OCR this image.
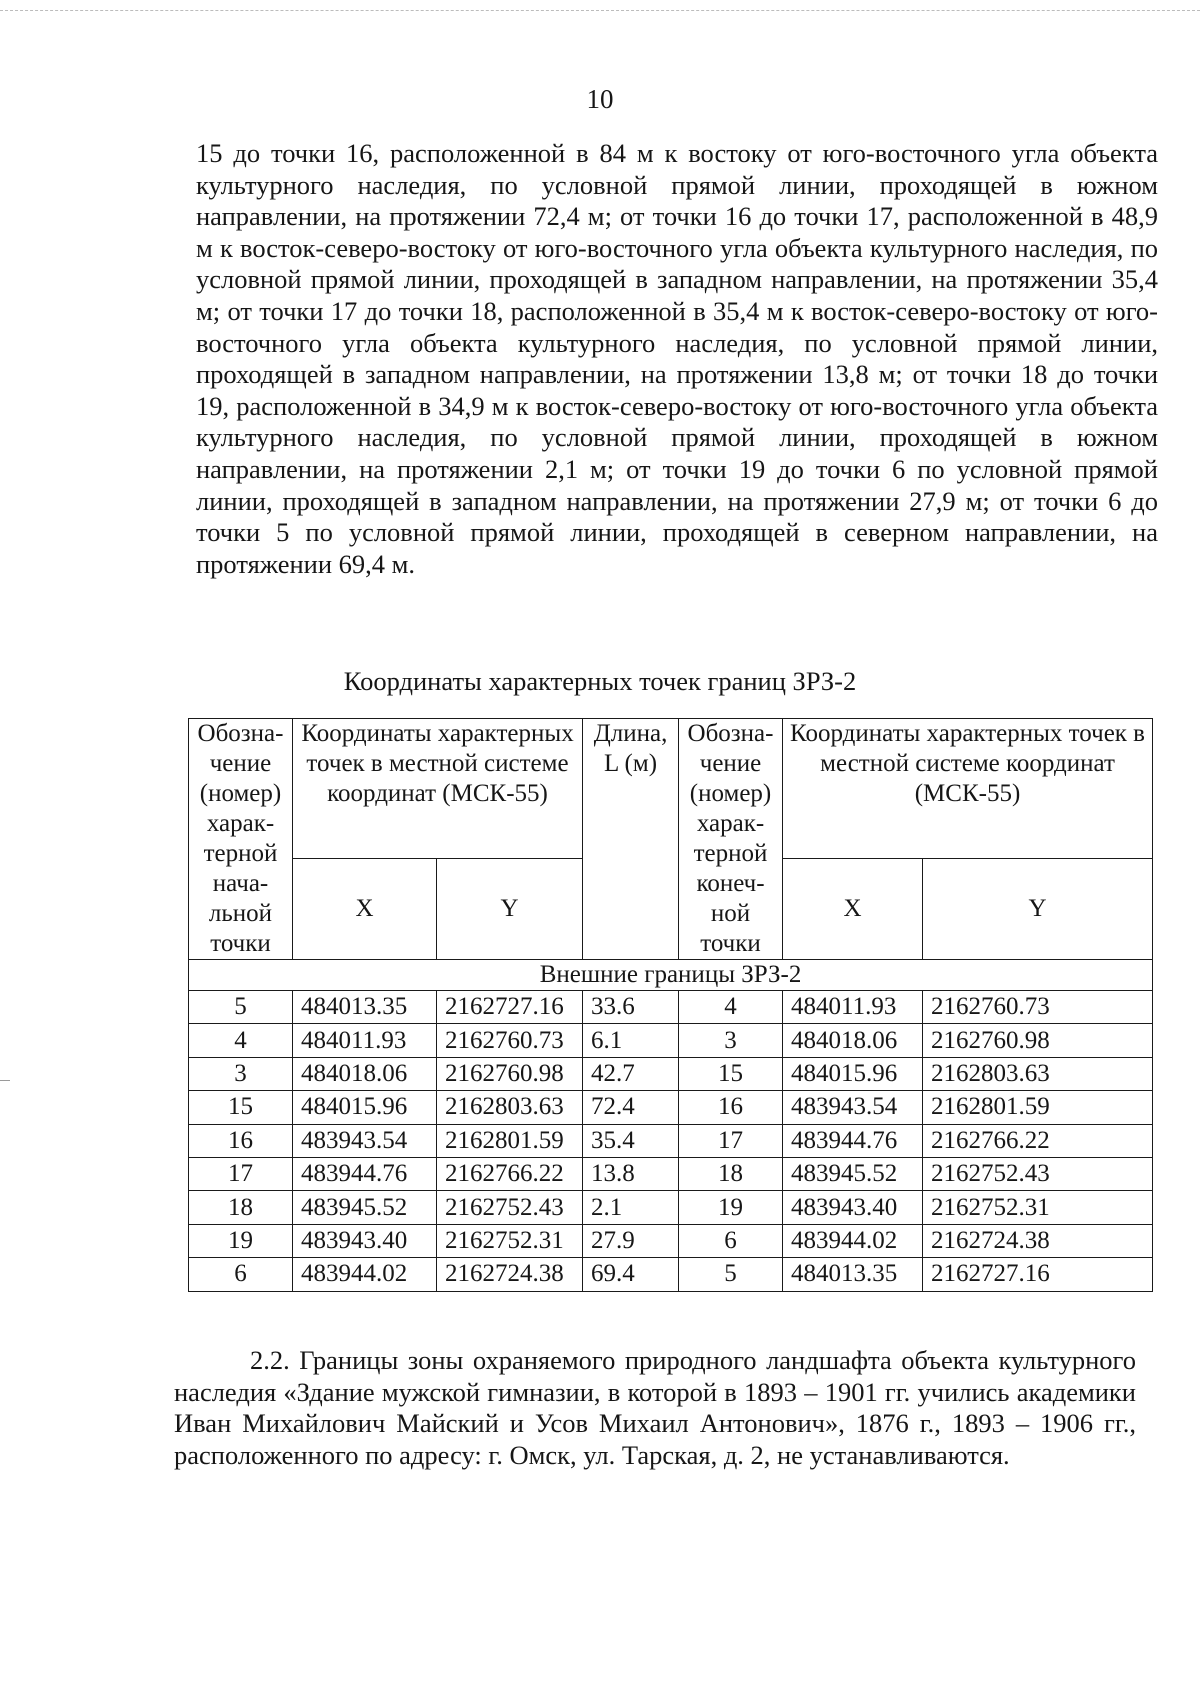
10

15 до точки 16, расположенной в 84 м к востоку от юго-восточного угла объекта культурного наследия, по условной прямой линии, проходящей в южном направлении, на протяжении 72,4 м; от точки 16 до точки 17, расположенной в 48,9 м к восток-северо-востоку от юго-восточного угла объекта культурного наследия, по условной прямой линии, проходящей в западном направлении, на протяжении 35,4 м; от точки 17 до точки 18, расположенной в 35,4 м к восток-северо-востоку от юго-восточного угла объекта культурного наследия, по условной прямой линии, проходящей в западном направлении, на протяжении 13,8 м; от точки 18 до точки 19, расположенной в 34,9 м к восток-северо-востоку от юго-восточного угла объекта культурного наследия, по условной прямой линии, проходящей в южном направлении, на протяжении 2,1 м; от точки 19 до точки 6 по условной прямой линии, проходящей в западном направлении, на протяжении 27,9 м; от точки 6 до точки 5 по условной прямой линии, проходящей в северном направлении, на протяжении 69,4 м.

Координаты характерных точек границ ЗРЗ-2
Обозна-чение (номер) харак-терной нача-льной точки	Координаты характерных точек в местной системе координат (МСК-55)		Длина, L (м)	Обозна-чение (номер) харак-терной конеч-ной точки	Координаты характерных точек в местной системе координат (МСК-55)	
	X	Y			X	Y
Внешние границы ЗРЗ-2						
5	484013.35	2162727.16	33.6	4	484011.93	2162760.73
4	484011.93	2162760.73	6.1	3	484018.06	2162760.98
3	484018.06	2162760.98	42.7	15	484015.96	2162803.63
15	484015.96	2162803.63	72.4	16	483943.54	2162801.59
16	483943.54	2162801.59	35.4	17	483944.76	2162766.22
17	483944.76	2162766.22	13.8	18	483945.52	2162752.43
18	483945.52	2162752.43	2.1	19	483943.40	2162752.31
19	483943.40	2162752.31	27.9	6	483944.02	2162724.38
6	483944.02	2162724.38	69.4	5	484013.35	2162727.16

2.2. Границы зоны охраняемого природного ландшафта объекта культурного наследия «Здание мужской гимназии, в которой в 1893 – 1901 гг. учились академики Иван Михайлович Майский и Усов Михаил Антонович», 1876 г., 1893 – 1906 гг., расположенного по адресу: г. Омск, ул. Тарская, д. 2, не устанавливаются.
